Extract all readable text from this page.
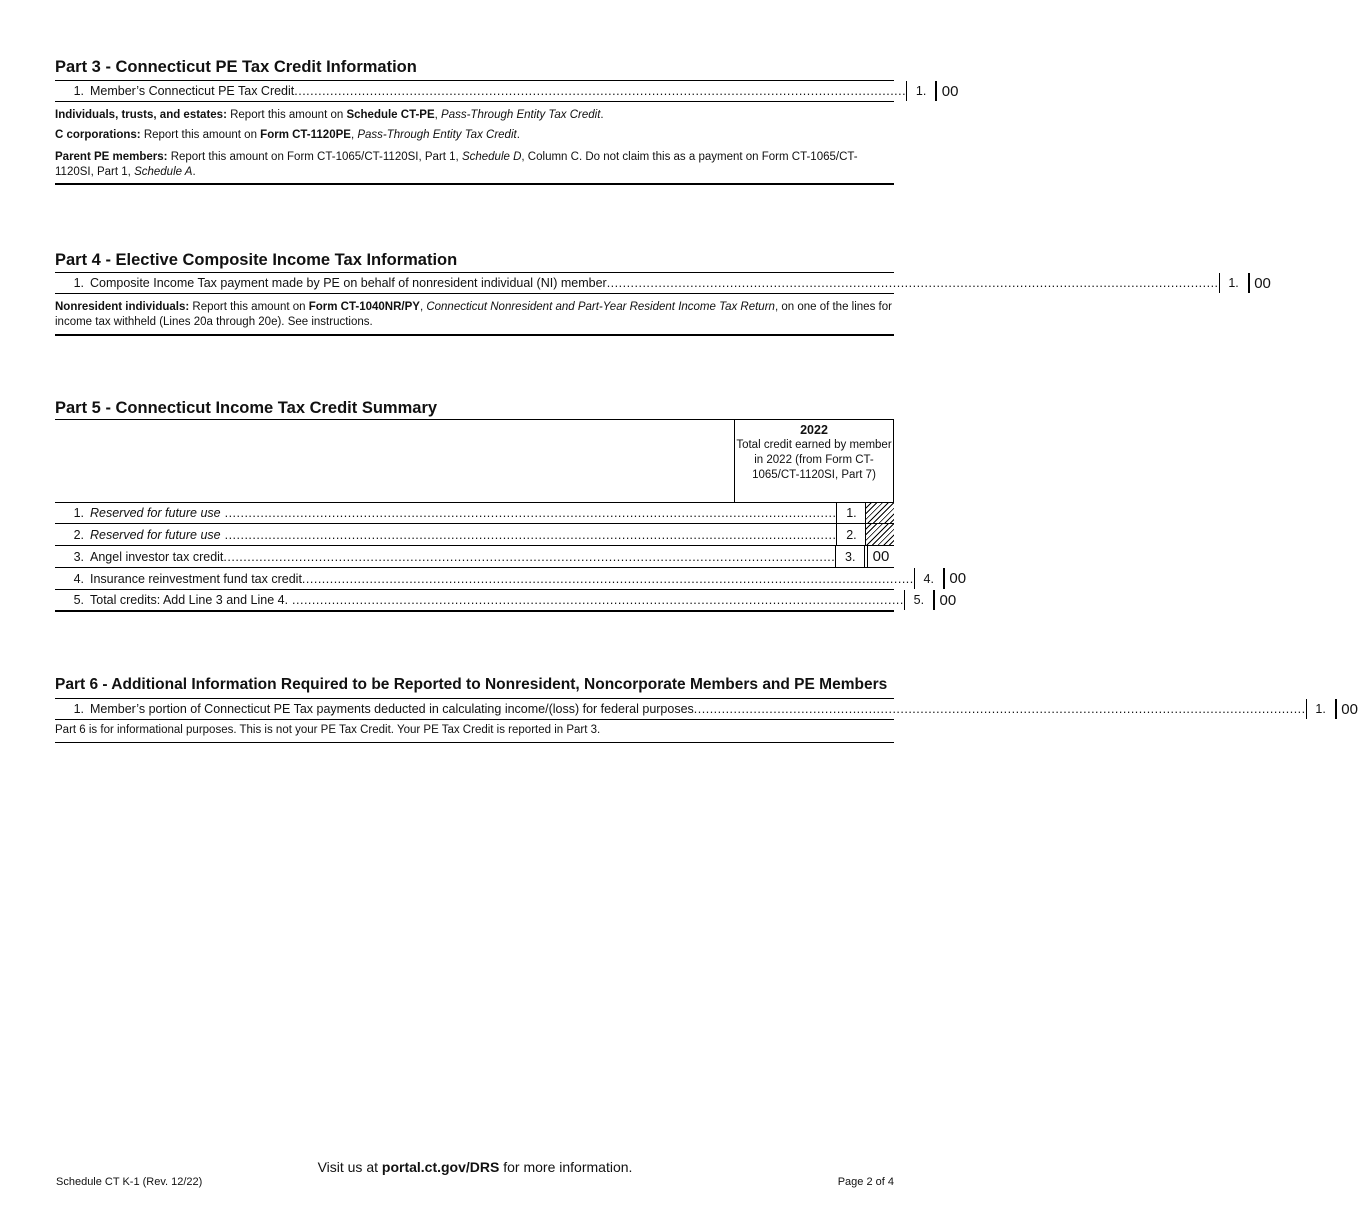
Part 3 - Connecticut PE Tax Credit Information
1. Member’s Connecticut PE Tax Credit .......................................................................................................................................................... 1.	00

Individuals, trusts, and estates: Report this amount on Schedule CT-PE, Pass-Through Entity Tax Credit.

C corporations: Report this amount on Form CT-1120PE, Pass-Through Entity Tax Credit.

Parent PE members: Report this amount on Form CT-1065/CT-1120SI, Part 1, Schedule D, Column C. Do not claim this as a payment on Form CT-1065/CT-1120SI, Part 1, Schedule A.

Part 4 - Elective Composite Income Tax Information
1. Composite Income Tax payment made by PE on behalf of nonresident individual (NI) member .......................................................................................................................................................... 1.	00

Nonresident individuals: Report this amount on Form CT-1040NR/PY, Connecticut Nonresident and Part-Year Resident Income Tax Return, on one of the lines for income tax withheld (Lines 20a through 20e). See instructions.

Part 5 - Connecticut Income Tax Credit Summary
2022
Total credit earned by member in 2022 (from Form CT-1065/CT-1120SI, Part 7)
1. Reserved for future use .......................................................................................................................................................... 1.
2. Reserved for future use .......................................................................................................................................................... 2.
3. Angel investor tax credit .......................................................................................................................................................... 3.	00
4. Insurance reinvestment fund tax credit .......................................................................................................................................................... 4.	00
5. Total credits: Add Line 3 and Line 4. .......................................................................................................................................................... 5.	00
Part 6 - Additional Information Required to be Reported to Nonresident, Noncorporate Members and PE Members
1. Member’s portion of Connecticut PE Tax payments deducted in calculating income/(loss) for federal purposes .......................................................................................................................................................... 1.	00

Part 6 is for informational purposes. This is not your PE Tax Credit. Your PE Tax Credit is reported in Part 3.

Visit us at portal.ct.gov/DRS for more information.
Schedule CT K-1 (Rev. 12/22)	Page 2 of 4
